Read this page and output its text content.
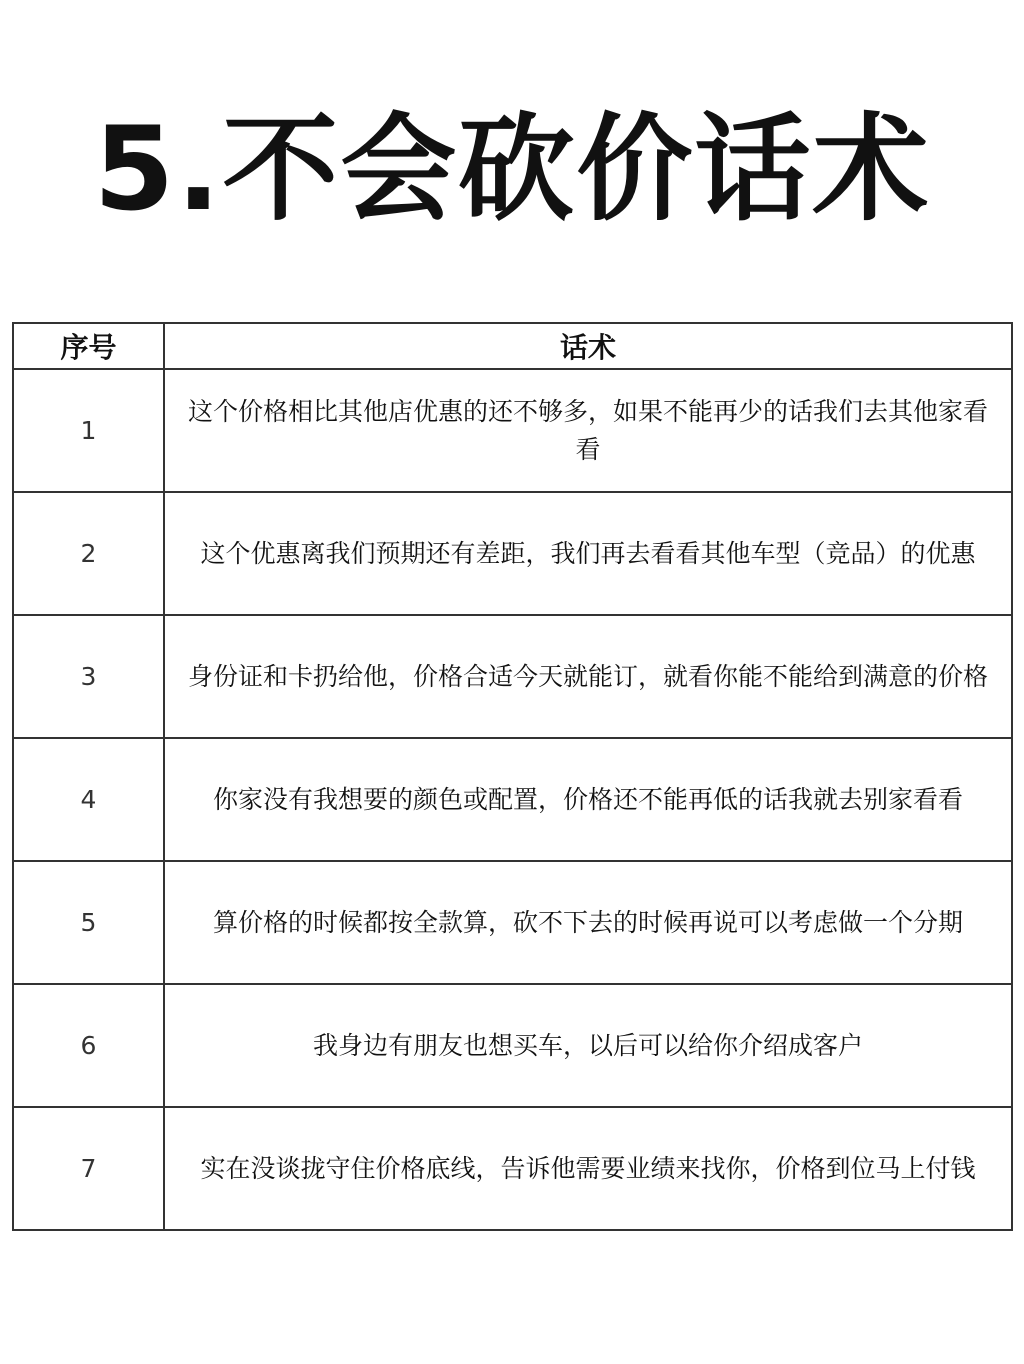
5.不会砍价话术
序号	话术
1	这个价格相比其他店优惠的还不够多，如果不能再少的话我们去其他家看看
2	这个优惠离我们预期还有差距，我们再去看看其他车型（竞品）的优惠
3	身份证和卡扔给他，价格合适今天就能订，就看你能不能给到满意的价格
4	你家没有我想要的颜色或配置，价格还不能再低的话我就去别家看看
5	算价格的时候都按全款算，砍不下去的时候再说可以考虑做一个分期
6	我身边有朋友也想买车，以后可以给你介绍成客户
7	实在没谈拢守住价格底线，告诉他需要业绩来找你，价格到位马上付钱
